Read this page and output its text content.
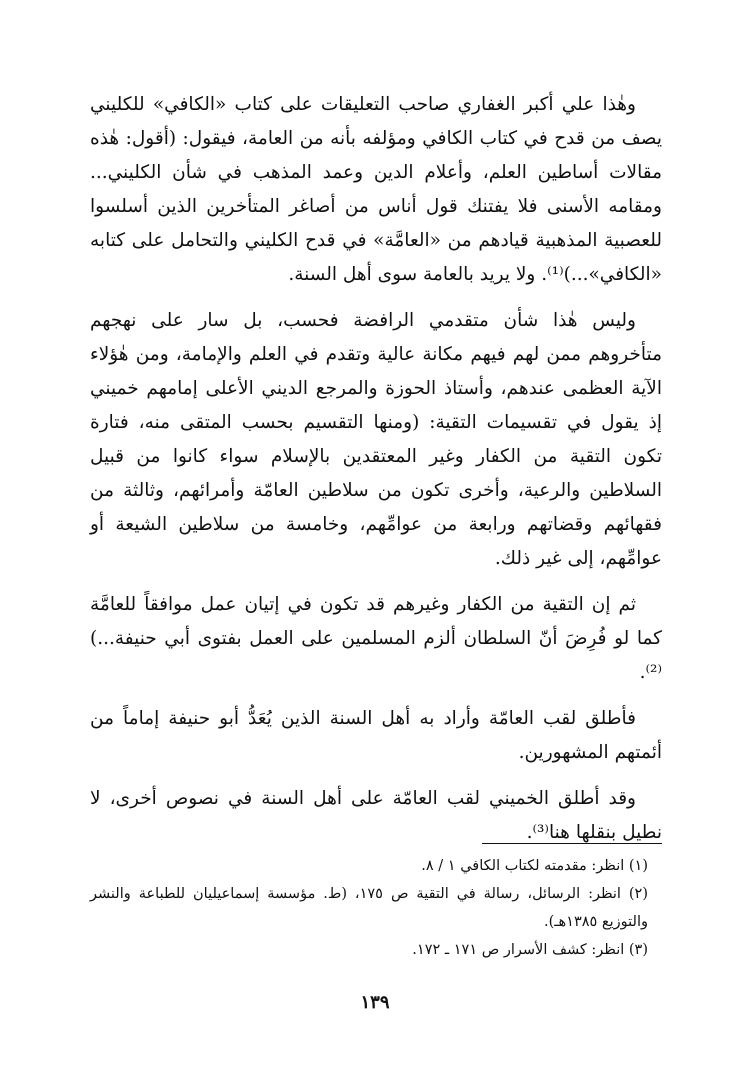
وهٰذا علي أكبر الغفاري صاحب التعليقات على كتاب «الكافي» للكليني يصف من قدح في كتاب الكافي ومؤلفه بأنه من العامة، فيقول: (أقول: هٰذه مقالات أساطين العلم، وأعلام الدين وعمد المذهب في شأن الكليني... ومقامه الأسنى فلا يفتنك قول أناس من أصاغر المتأخرين الذين أسلسوا للعصبية المذهبية قيادهم من «العامَّة» في قدح الكليني والتحامل على كتابه «الكافي»...)⁽¹⁾. ولا يريد بالعامة سوى أهل السنة.

وليس هٰذا شأن متقدمي الرافضة فحسب، بل سار على نهجهم متأخروهم ممن لهم فيهم مكانة عالية وتقدم في العلم والإمامة، ومن هٰؤلاء الآية العظمى عندهم، وأستاذ الحوزة والمرجع الديني الأعلى إمامهم خميني إذ يقول في تقسيمات التقية: (ومنها التقسيم بحسب المتقى منه، فتارة تكون التقية من الكفار وغير المعتقدين بالإسلام سواء كانوا من قبيل السلاطين والرعية، وأخرى تكون من سلاطين العامّة وأمرائهم، وثالثة من فقهائهم وقضاتهم ورابعة من عوامِّهم، وخامسة من سلاطين الشيعة أو عوامِّهم، إلى غير ذلك.

ثم إن التقية من الكفار وغيرهم قد تكون في إتيان عمل موافقاً للعامَّة كما لو فُرِضَ أنّ السلطان ألزم المسلمين على العمل بفتوى أبي حنيفة...)⁽²⁾.

فأطلق لقب العامّة وأراد به أهل السنة الذين يُعَدُّ أبو حنيفة إماماً من أئمتهم المشهورين.

وقد أطلق الخميني لقب العامّة على أهل السنة في نصوص أخرى، لا نطيل بنقلها هنا⁽³⁾.

(١) انظر: مقدمته لكتاب الكافي ١ / ٨.

(٢) انظر: الرسائل، رسالة في التقية ص ١٧٥، (ط. مؤسسة إسماعيليان للطباعة والنشر والتوزيع ١٣٨٥هـ).

(٣) انظر: كشف الأسرار ص ١٧١ ـ ١٧٢.

١٣٩
